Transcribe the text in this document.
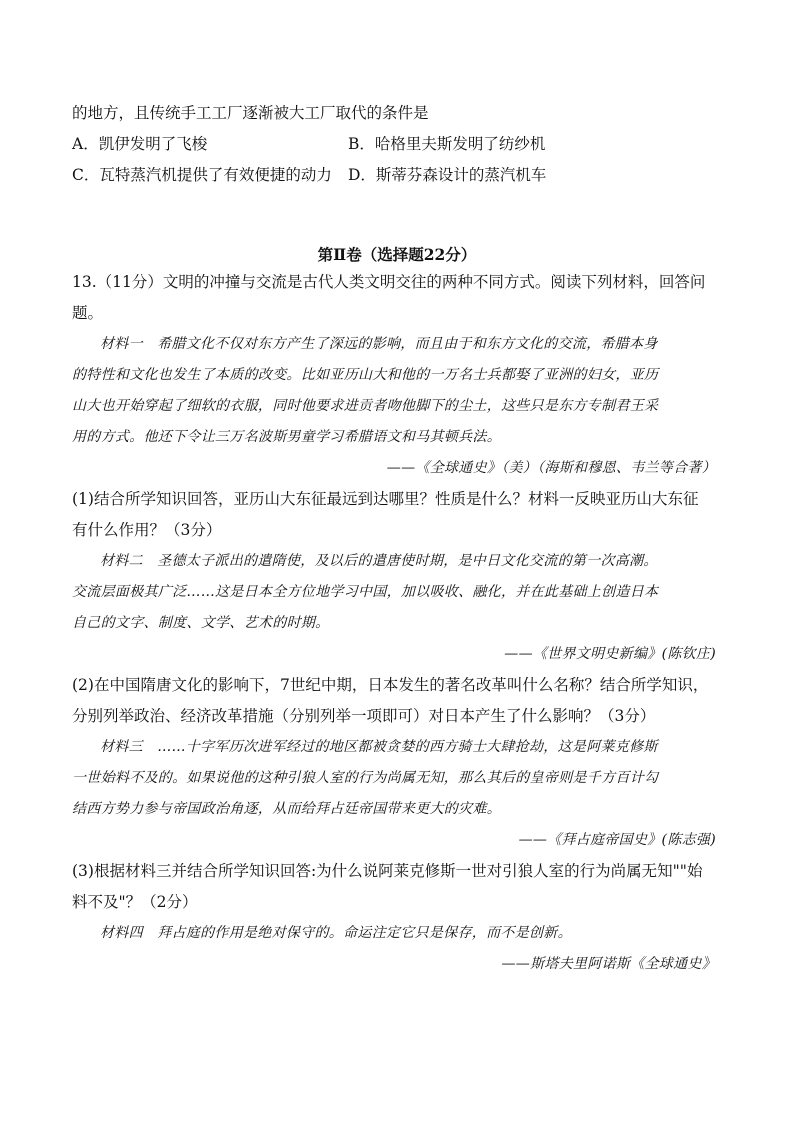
的地方，且传统手工工厂逐渐被大工厂取代的条件是
A．凯伊发明了飞梭	B．哈格里夫斯发明了纺纱机
C．瓦特蒸汽机提供了有效便捷的动力 D．斯蒂芬森设计的蒸汽机车
第Ⅱ卷（选择题22分）
13.（11分）文明的冲撞与交流是古代人类文明交往的两种不同方式。阅读下列材料，回答问
题。
材料一　希腊文化不仅对东方产生了深远的影响，而且由于和东方文化的交流，希腊本身
的特性和文化也发生了本质的改变。比如亚历山大和他的一万名士兵都娶了亚洲的妇女，亚历
山大也开始穿起了细软的衣服，同时他要求进贡者吻他脚下的尘土，这些只是东方专制君王采
用的方式。他还下令让三万名波斯男童学习希腊语文和马其顿兵法。
——《全球通史》（美）（海斯和穆恩、韦兰等合著）
(1)结合所学知识回答，亚历山大东征最远到达哪里？性质是什么？材料一反映亚历山大东征
有什么作用？（3分）
材料二　圣德太子派出的遣隋使，及以后的遣唐使时期，是中日文化交流的第一次高潮。
交流层面极其广泛……这是日本全方位地学习中国，加以吸收、融化，并在此基础上创造日本
自己的文字、制度、文学、艺术的时期。
——《世界文明史新编》(陈钦庄)
(2)在中国隋唐文化的影响下，7世纪中期，日本发生的著名改革叫什么名称？结合所学知识，
分别列举政治、经济改革措施（分别列举一项即可）对日本产生了什么影响？（3分）
材料三　……十字军历次进军经过的地区都被贪婪的西方骑士大肆抢劫，这是阿莱克修斯
一世始料不及的。如果说他的这种引狼人室的行为尚属无知，那么其后的皇帝则是千方百计勾
结西方势力参与帝国政治角逐，从而给拜占廷帝国带来更大的灾难。
——《拜占庭帝国史》(陈志强)
(3)根据材料三并结合所学知识回答:为什么说阿莱克修斯一世对引狼人室的行为尚属无知""始
料不及"？（2分）
材料四　拜占庭的作用是绝对保守的。命运注定它只是保存，而不是创新。
——斯塔夫里阿诺斯《全球通史》
